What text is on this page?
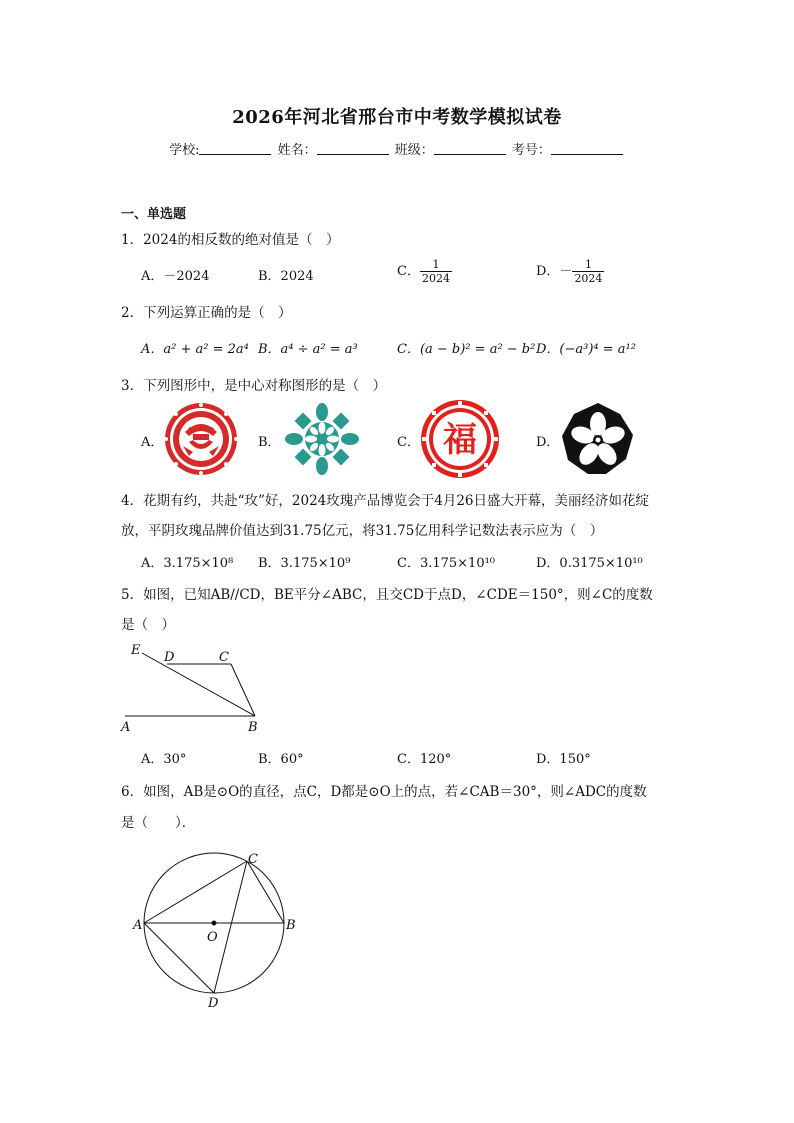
2026年河北省邢台市中考数学模拟试卷
学校:	姓名：	班级：	考号：
一、单选题
1．2024的相反数的绝对值是（　）
A．－2024	B．2024	C． $\frac{1}{2024}$	D．－ $\frac{1}{2024}$
2．下列运算正确的是（　）
A．a² + a² = 2a⁴ B．a⁴ ÷ a² = a³	C．(a − b)² = a² − b² D．(−a³)⁴ = a¹²
3．下列图形中，是中心对称图形的是（　）
A．	B．	C．	D．
福
4．花期有约，共赴“玫”好，2024玫瑰产品博览会于4月26日盛大开幕，美丽经济如花绽
放，平阴玫瑰品牌价值达到31.75亿元，将31.75亿用科学记数法表示应为（　）
A．3.175×10⁸ B．3.175×10⁹	C．3.175×10¹⁰	D．0.3175×10¹⁰
5．如图，已知AB//CD，BE平分∠ABC，且交CD于点D，∠CDE＝150°，则∠C的度数
是（　）
E D	C
A	B
A．30°	B．60°	C．120°	D．150°
6．如图，AB是⊙O的直径，点C，D都是⊙O上的点，若∠CAB＝30°，则∠ADC的度数
是（　　）．
A	B
C
D
O
